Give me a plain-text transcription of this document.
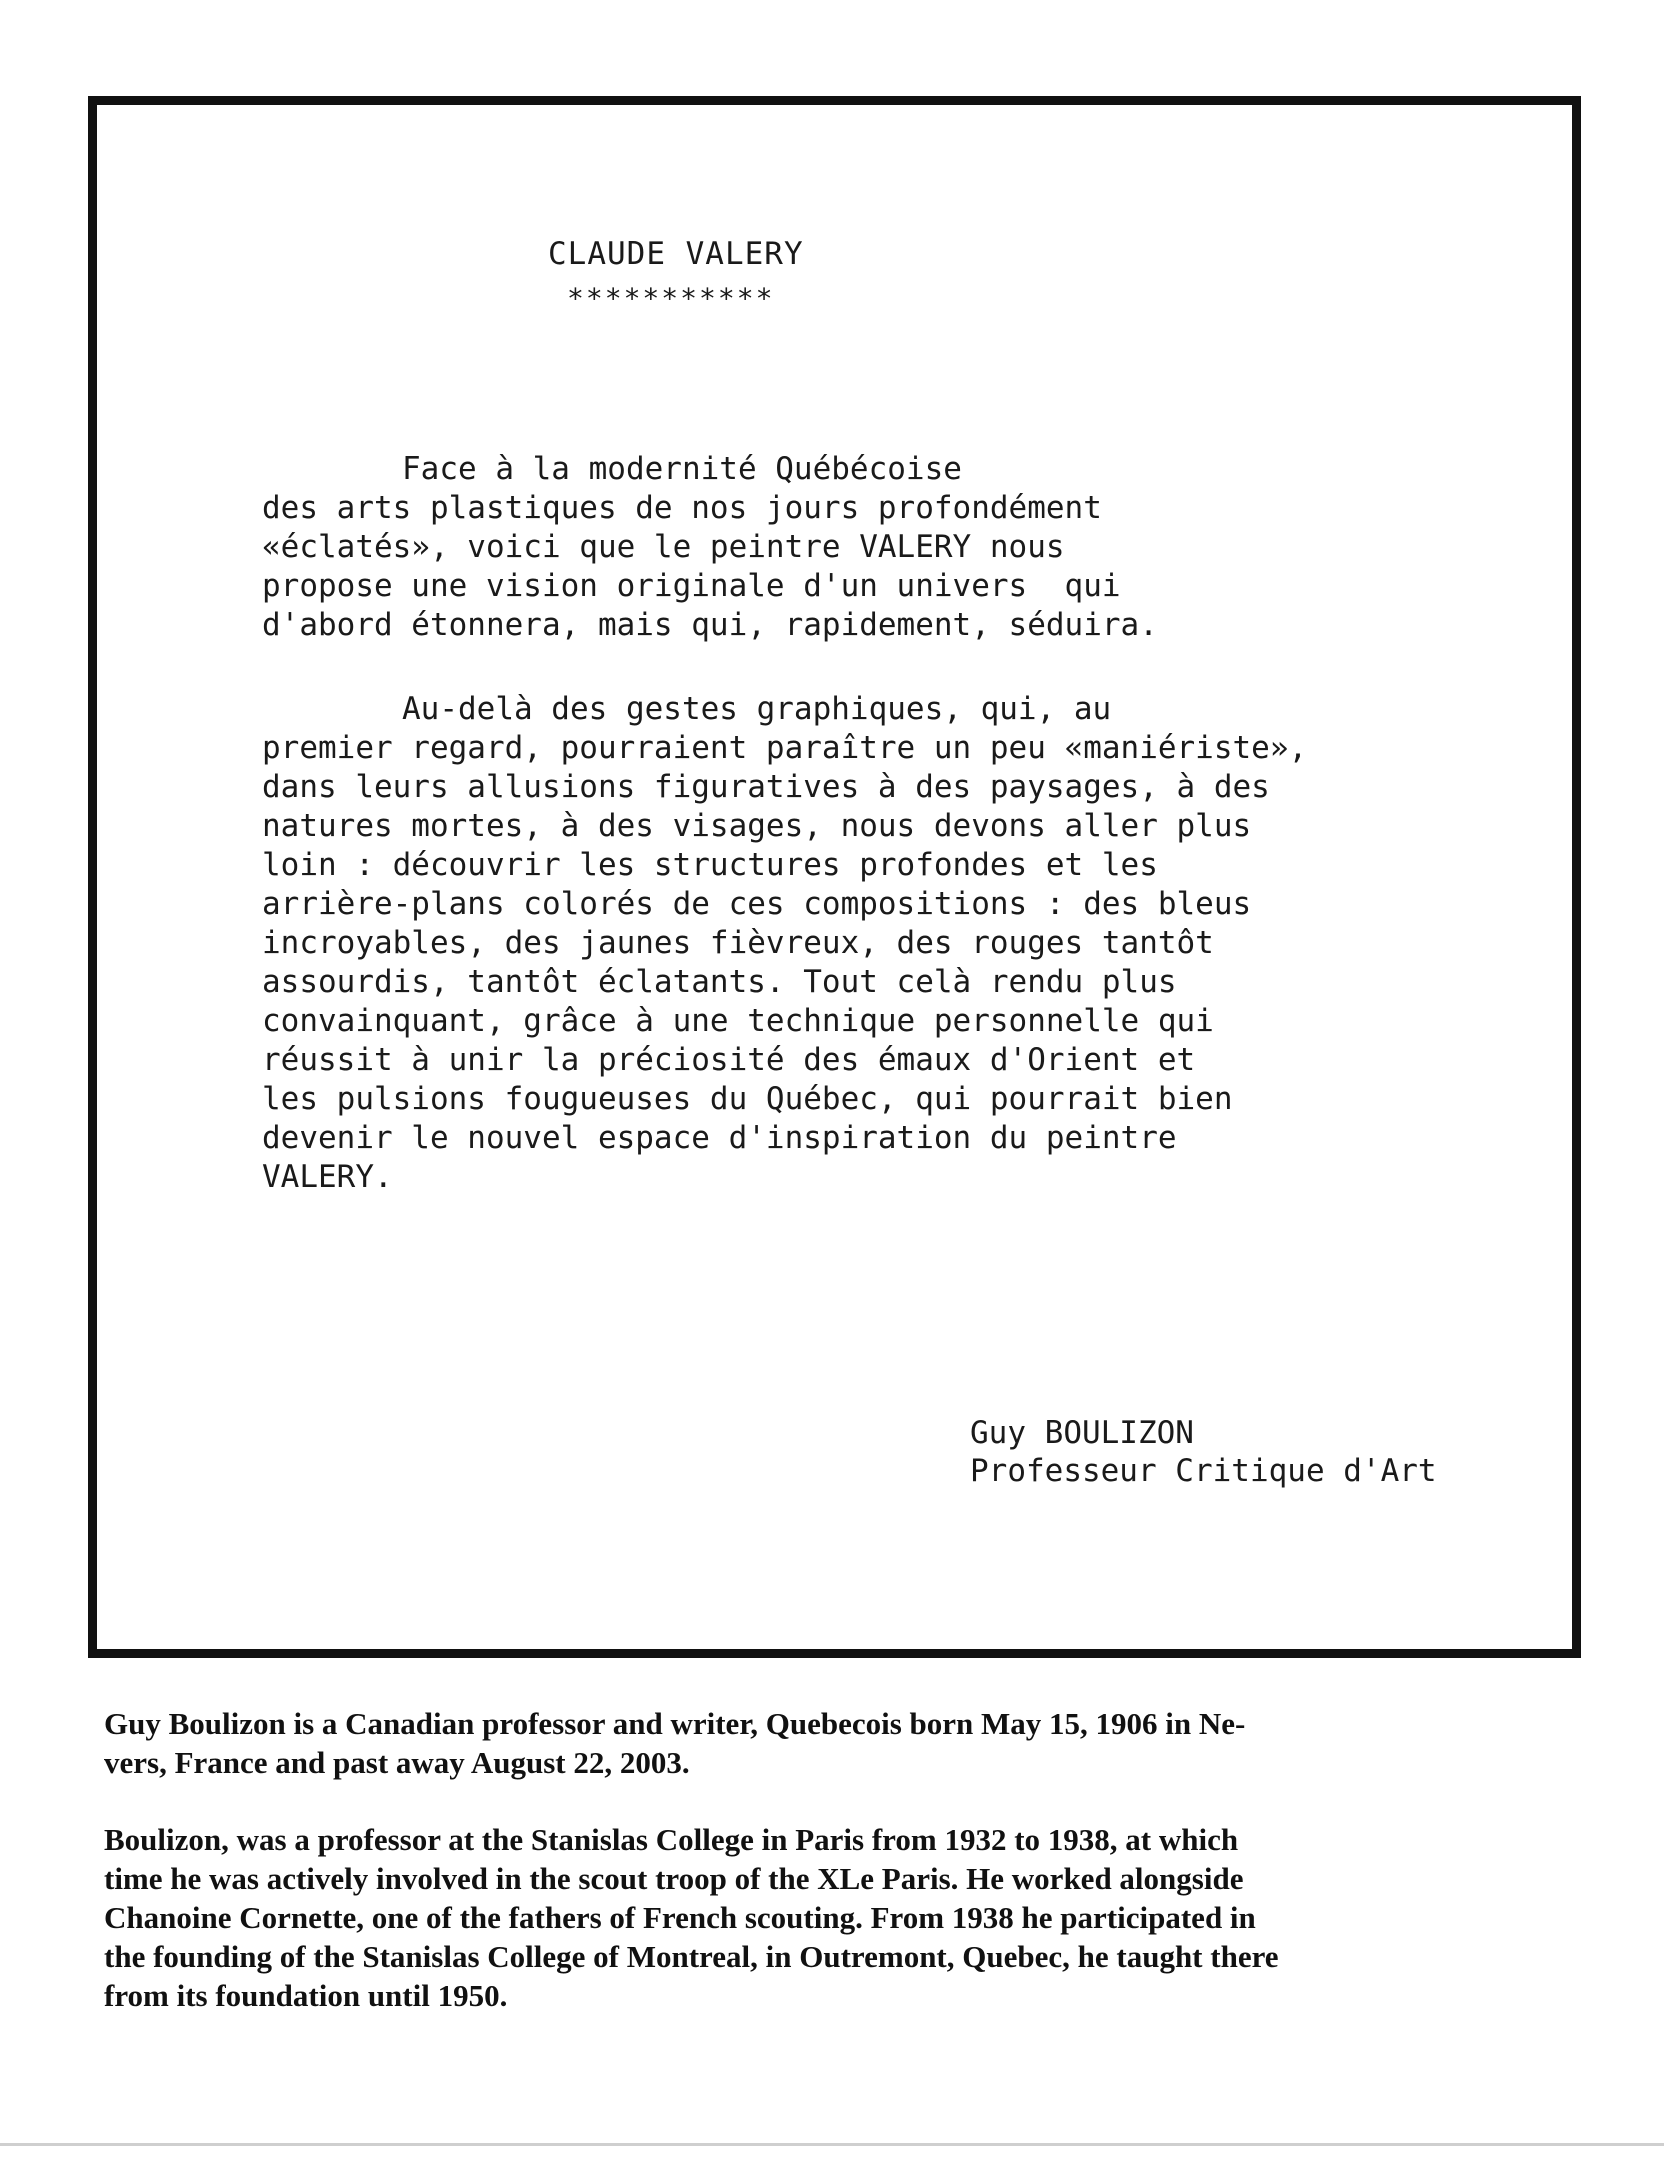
CLAUDE VALERY
***********
Face à la modernité Québécoise
des arts plastiques de nos jours profondément
«éclatés», voici que le peintre VALERY nous
propose une vision originale d'un univers  qui
d'abord étonnera, mais qui, rapidement, séduira.
Au-delà des gestes graphiques, qui, au
premier regard, pourraient paraître un peu «maniériste»,
dans leurs allusions figuratives à des paysages, à des
natures mortes, à des visages, nous devons aller plus
loin : découvrir les structures profondes et les
arrière-plans colorés de ces compositions : des bleus
incroyables, des jaunes fièvreux, des rouges tantôt
assourdis, tantôt éclatants. Tout celà rendu plus
convainquant, grâce à une technique personnelle qui
réussit à unir la préciosité des émaux d'Orient et
les pulsions fougueuses du Québec, qui pourrait bien
devenir le nouvel espace d'inspiration du peintre
VALERY.
Guy BOULIZON
Professeur Critique d'Art
Guy Boulizon is a Canadian professor and writer, Quebecois born May 15, 1906 in Ne-
vers, France and past away August 22, 2003.
Boulizon, was a professor at the Stanislas College in Paris from 1932 to 1938, at which
time he was actively involved in the scout troop of the XLe Paris. He worked alongside
Chanoine Cornette, one of the fathers of French scouting. From 1938 he participated in
the founding of the Stanislas College of Montreal, in Outremont, Quebec, he taught there
from its foundation until 1950.
